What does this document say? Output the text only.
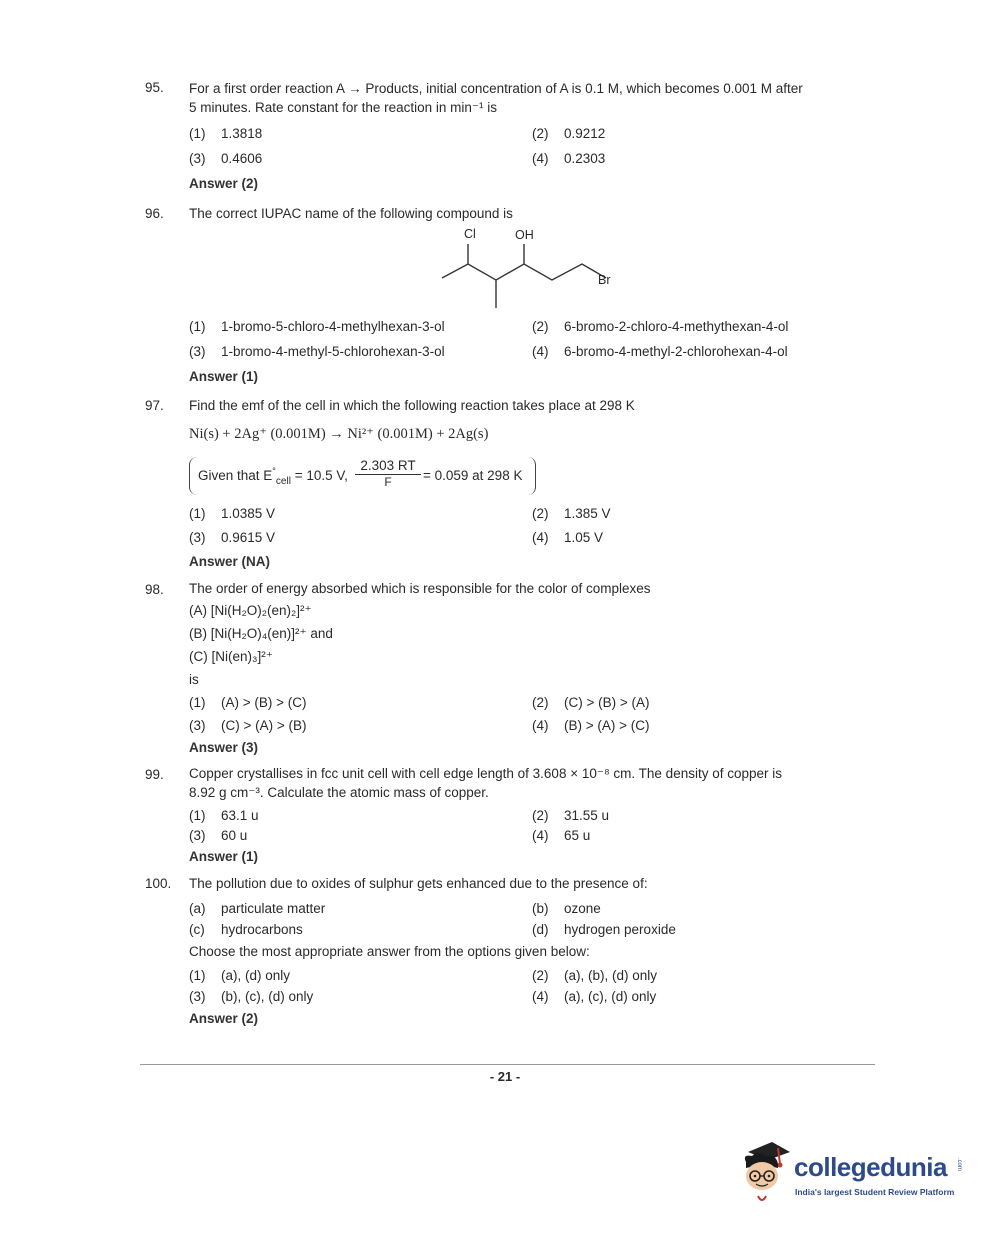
95. For a first order reaction A → Products, initial concentration of A is 0.1 M, which becomes 0.001 M after
5 minutes. Rate constant for the reaction in min⁻¹ is
(1) 1.3818	(2) 0.9212
(3) 0.4606	(4) 0.2303
Answer (2)
96. The correct IUPAC name of the following compound is
Cl	OH
Br
(1) 1-bromo-5-chloro-4-methylhexan-3-ol	(2) 6-bromo-2-chloro-4-methythexan-4-ol
(3) 1-bromo-4-methyl-5-chlorohexan-3-ol	(4) 6-bromo-4-methyl-2-chlorohexan-4-ol
Answer (1)
97. Find the emf of the cell in which the following reaction takes place at 298 K
Ni(s) + 2Ag⁺ (0.001M) → Ni²⁺ (0.001M) + 2Ag(s)
Given that $E^\circ_{cell} = 10.5$ V, $\frac{2.303 RT}{F} = 0.059$ at 298 K
(1) 1.0385 V	(2) 1.385 V
(3) 0.9615 V	(4) 1.05 V
Answer (NA)
98. The order of energy absorbed which is responsible for the color of complexes
(A) [Ni(H₂O)₂(en)₂]²⁺
(B) [Ni(H₂O)₄(en)]²⁺ and
(C) [Ni(en)₃]²⁺
is
(1) (A) > (B) > (C)	(2) (C) > (B) > (A)
(3) (C) > (A) > (B)	(4) (B) > (A) > (C)
Answer (3)
99. Copper crystallises in fcc unit cell with cell edge length of 3.608 × 10⁻⁸ cm. The density of copper is
8.92 g cm⁻³. Calculate the atomic mass of copper.
(1) 63.1 u	(2) 31.55 u
(3) 60 u	(4) 65 u
Answer (1)
100. The pollution due to oxides of sulphur gets enhanced due to the presence of:
(a) particulate matter	(b) ozone
(c) hydrocarbons	(d) hydrogen peroxide
Choose the most appropriate answer from the options given below:
(1) (a), (d) only	(2) (a), (b), (d) only
(3) (b), (c), (d) only	(4) (a), (c), (d) only
Answer (2)
- 21 -
collegedunia .com
India's largest Student Review Platform
